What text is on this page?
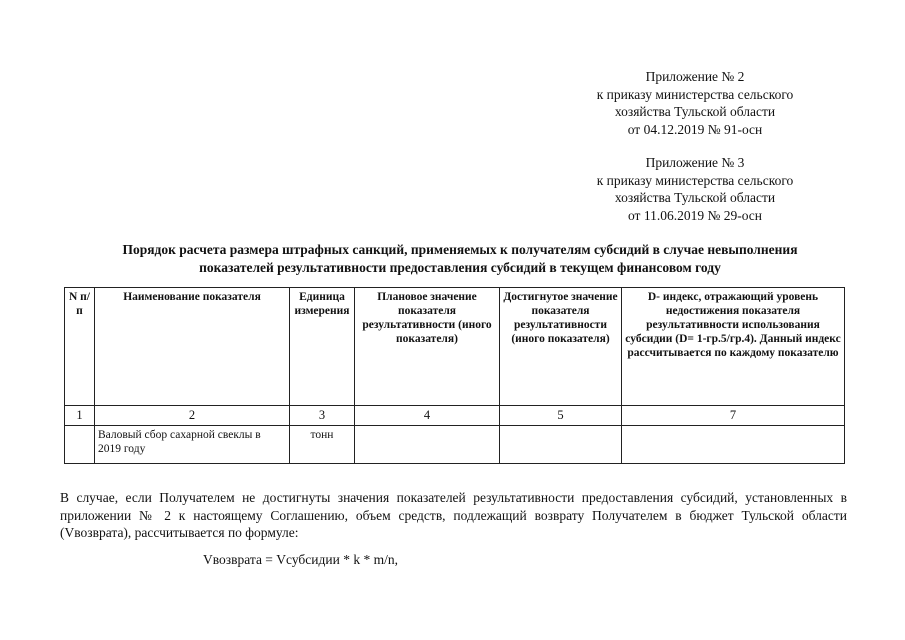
Приложение № 2
к приказу министерства сельского
хозяйства Тульской области
от 04.12.2019 № 91-осн
Приложение № 3
к приказу министерства сельского
хозяйства Тульской области
от 11.06.2019 № 29-осн
Порядок расчета размера штрафных санкций, применяемых к получателям субсидий в случае невыполнения
показателей результативности предоставления субсидий в текущем финансовом году
N п/п	Наименование показателя	Единица измерения	Плановое значение показателя результативности (иного показателя)	Достигнутое значение показателя результативности (иного показателя)	D- индекс, отражающий уровень недостижения показателя результативности использования субсидии (D= 1-гр.5/гр.4). Данный индекс рассчитывается по каждому показателю
1	2	3	4	5	7
	Валовый сбор сахарной свеклы в 2019 году	тонн			
В случае, если Получателем не достигнуты значения показателей результативности предоставления субсидий, установленных в приложении № 2 к настоящему Соглашению, объем средств, подлежащий возврату Получателем в бюджет Тульской области (Vвозврата), рассчитывается по формуле:
Vвозврата = Vсубсидии * k * m/n,
